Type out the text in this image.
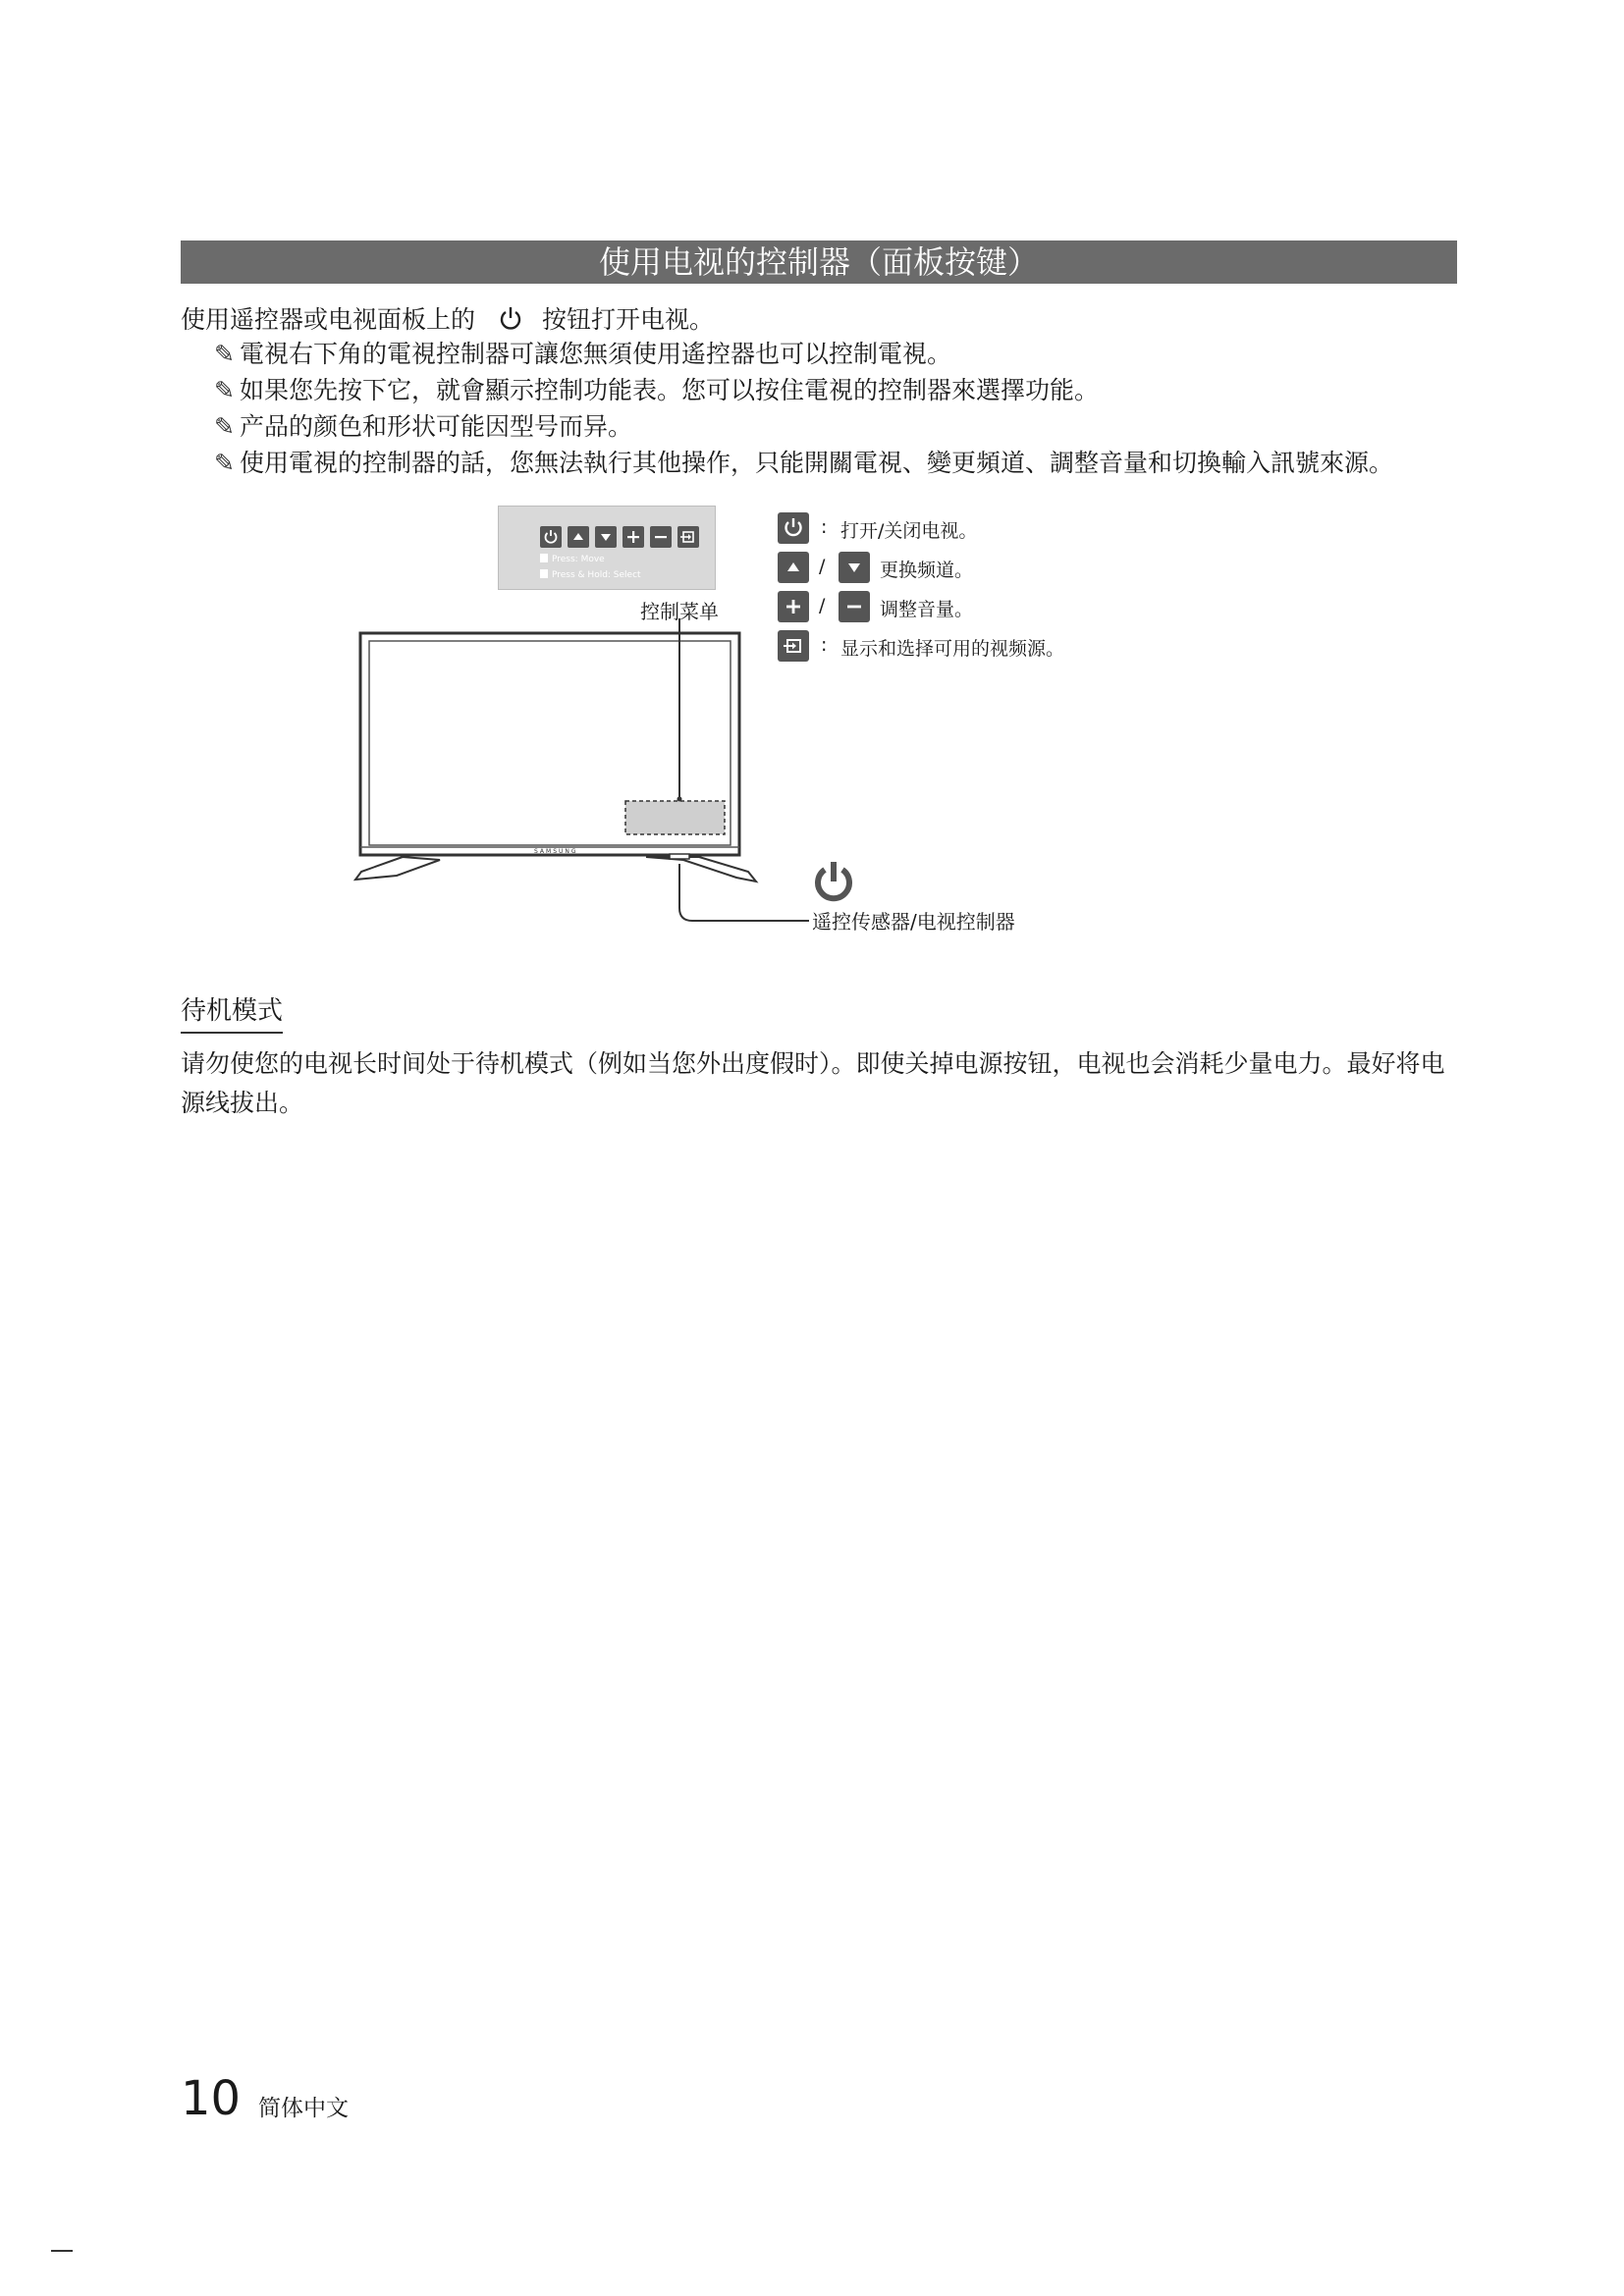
使用电视的控制器（面板按键）
使用遥控器或电视面板上的	按钮打开电视。
✎ 電視右下角的電視控制器可讓您無須使用遙控器也可以控制電視。
✎ 如果您先按下它，就會顯示控制功能表。您可以按住電視的控制器來選擇功能。
✎ 产品的颜色和形状可能因型号而异。
✎ 使用電視的控制器的話，您無法執行其他操作，只能開關電視、變更頻道、調整音量和切換輸入訊號來源。
Press: Move
Press & Hold: Select
控制菜单
SAMSUNG
: 打开/关闭电视。
/	更换频道。
/	调整音量。
: 显示和选择可用的视频源。
遥控传感器/电视控制器
待机模式
请勿使您的电视长时间处于待机模式（例如当您外出度假时）。即使关掉电源按钮，电视也会消耗少量电力。最好将电源线拔出。
10 简体中文
